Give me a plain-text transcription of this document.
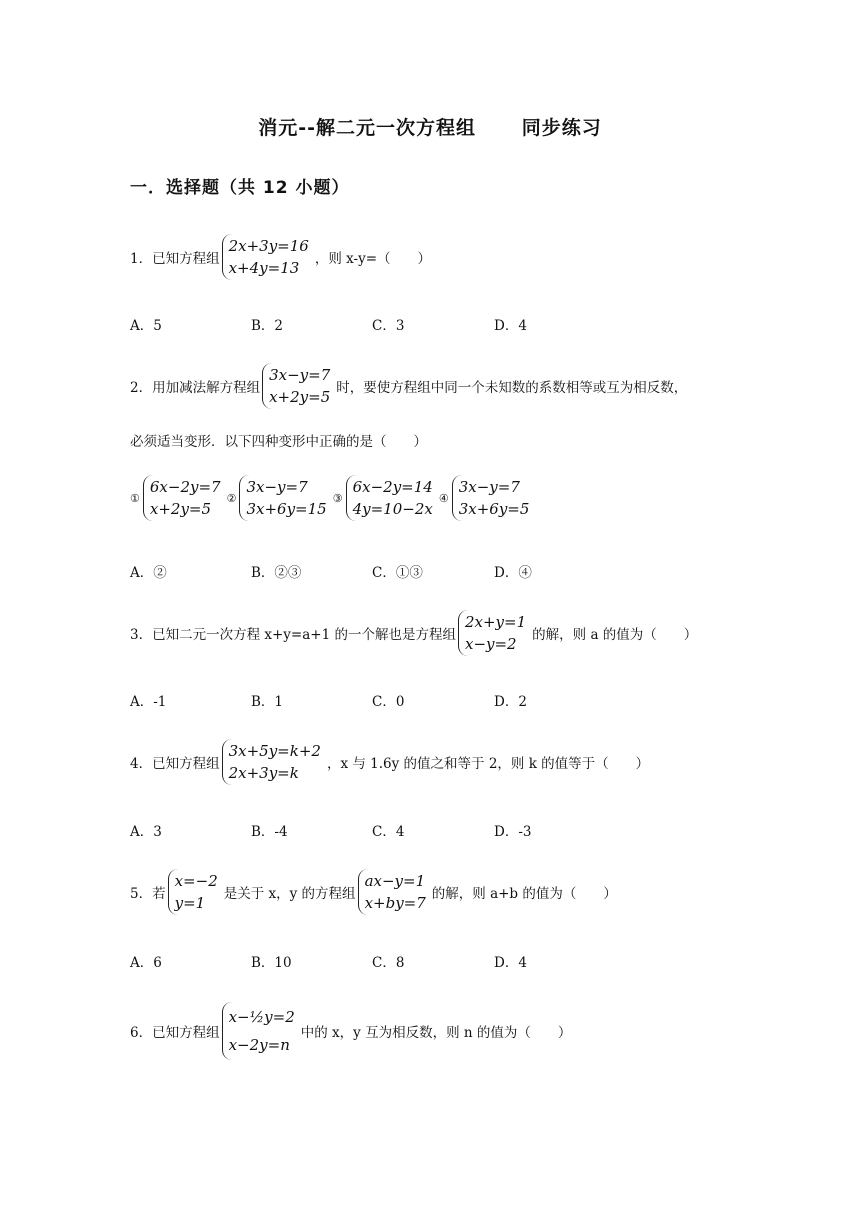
消元--解二元一次方程组      同步练习
一．选择题（共 12 小题）
1．已知方程组
2x+3y=16
x+4y=13	，则 x-y=（　　）
A．5	B．2	C．3	D．4
2．用加减法解方程组
3x−y=7
x+2y=5 时，要使方程组中同一个未知数的系数相等或互为相反数，
必须适当变形．以下四种变形中正确的是（　　）
①
6x−2y=7
x+2y=5
②
3x−y=7
3x+6y=15
③
6x−2y=14
4y=10−2x
④
3x−y=7
3x+6y=5
A．②	B．②③	C．①③	D．④
3．已知二元一次方程 x+y=a+1 的一个解也是方程组
2x+y=1
x−y=2	的解，则 a 的值为（　　）
A．-1	B．1	C．0	D．2
4．已知方程组
3x+5y=k+2
2x+3y=k	，x 与 1.6y 的值之和等于 2，则 k 的值等于（　　）
A．3	B．-4	C．4	D．-3
5．若
x=−2
y=1	是关于 x，y 的方程组
ax−y=1
x+by=7 的解，则 a+b 的值为（　　）
A．6	B．10	C．8	D．4
6．已知方程组
x−½y=2
x−2y=n
中的 x，y 互为相反数，则 n 的值为（　　）
